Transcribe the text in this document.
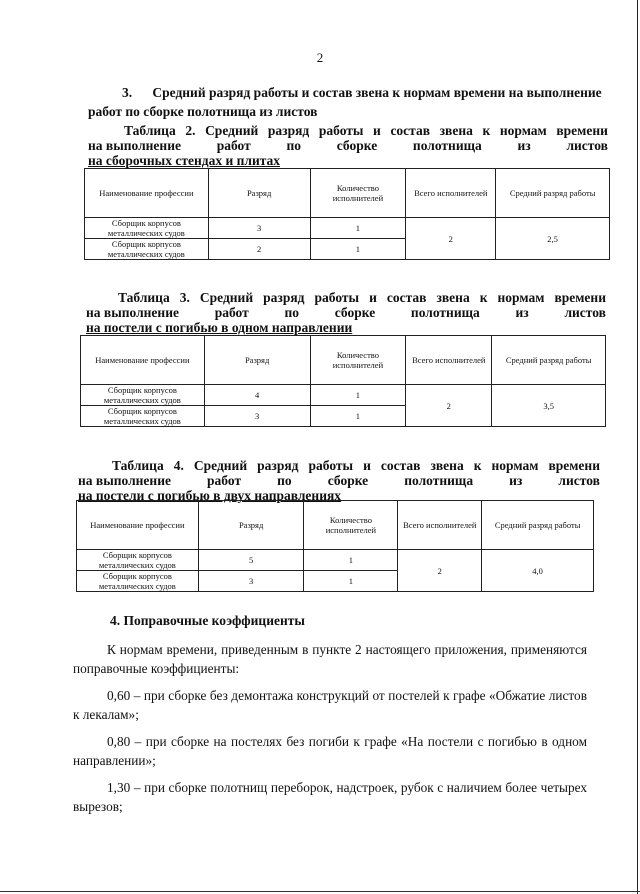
2
3.      Средний разряд работы и состав звена к нормам времени на выполнение
работ по сборке полотнища из листов
Таблица 2. Средний разряд работы и состав звена к нормам времени
на выполнение	работ	по	сборке	полотнища	из	листов
на сборочных стендах и плитах
Наименование профессии	Разряд	Количество исполнителей	Всего исполнителей	Средний разряд работы
Сборщик корпусов металлических судов	3	1	2	2,5
Сборщик корпусов металлических судов	2	1		
Таблица 3. Средний разряд работы и состав звена к нормам времени
на выполнение	работ	по	сборке	полотнища	из	листов
на постели с погибью в одном направлении
Наименование профессии	Разряд	Количество исполнителей	Всего исполнителей	Средний разряд работы
Сборщик корпусов металлических судов	4	1	2	3,5
Сборщик корпусов металлических судов	3	1		
Таблица 4. Средний разряд работы и состав звена к нормам времени
на выполнение	работ	по	сборке	полотнища	из	листов
на постели с погибью в двух направлениях
Наименование профессии	Разряд	Количество исполнителей	Всего исполнителей	Средний разряд работы
Сборщик корпусов металлических судов	5	1	2	4,0
Сборщик корпусов металлических судов	3	1		
4. Поправочные коэффициенты
К нормам времени, приведенным в пункте 2 настоящего приложения, применяются поправочные коэффициенты:
0,60 – при сборке без демонтажа конструкций от постелей к графе «Обжатие листов к лекалам»;
0,80 – при сборке на постелях без погиби к графе «На постели с погибью в одном направлении»;
1,30 – при сборке полотнищ переборок, надстроек, рубок с наличием более четырех вырезов;
